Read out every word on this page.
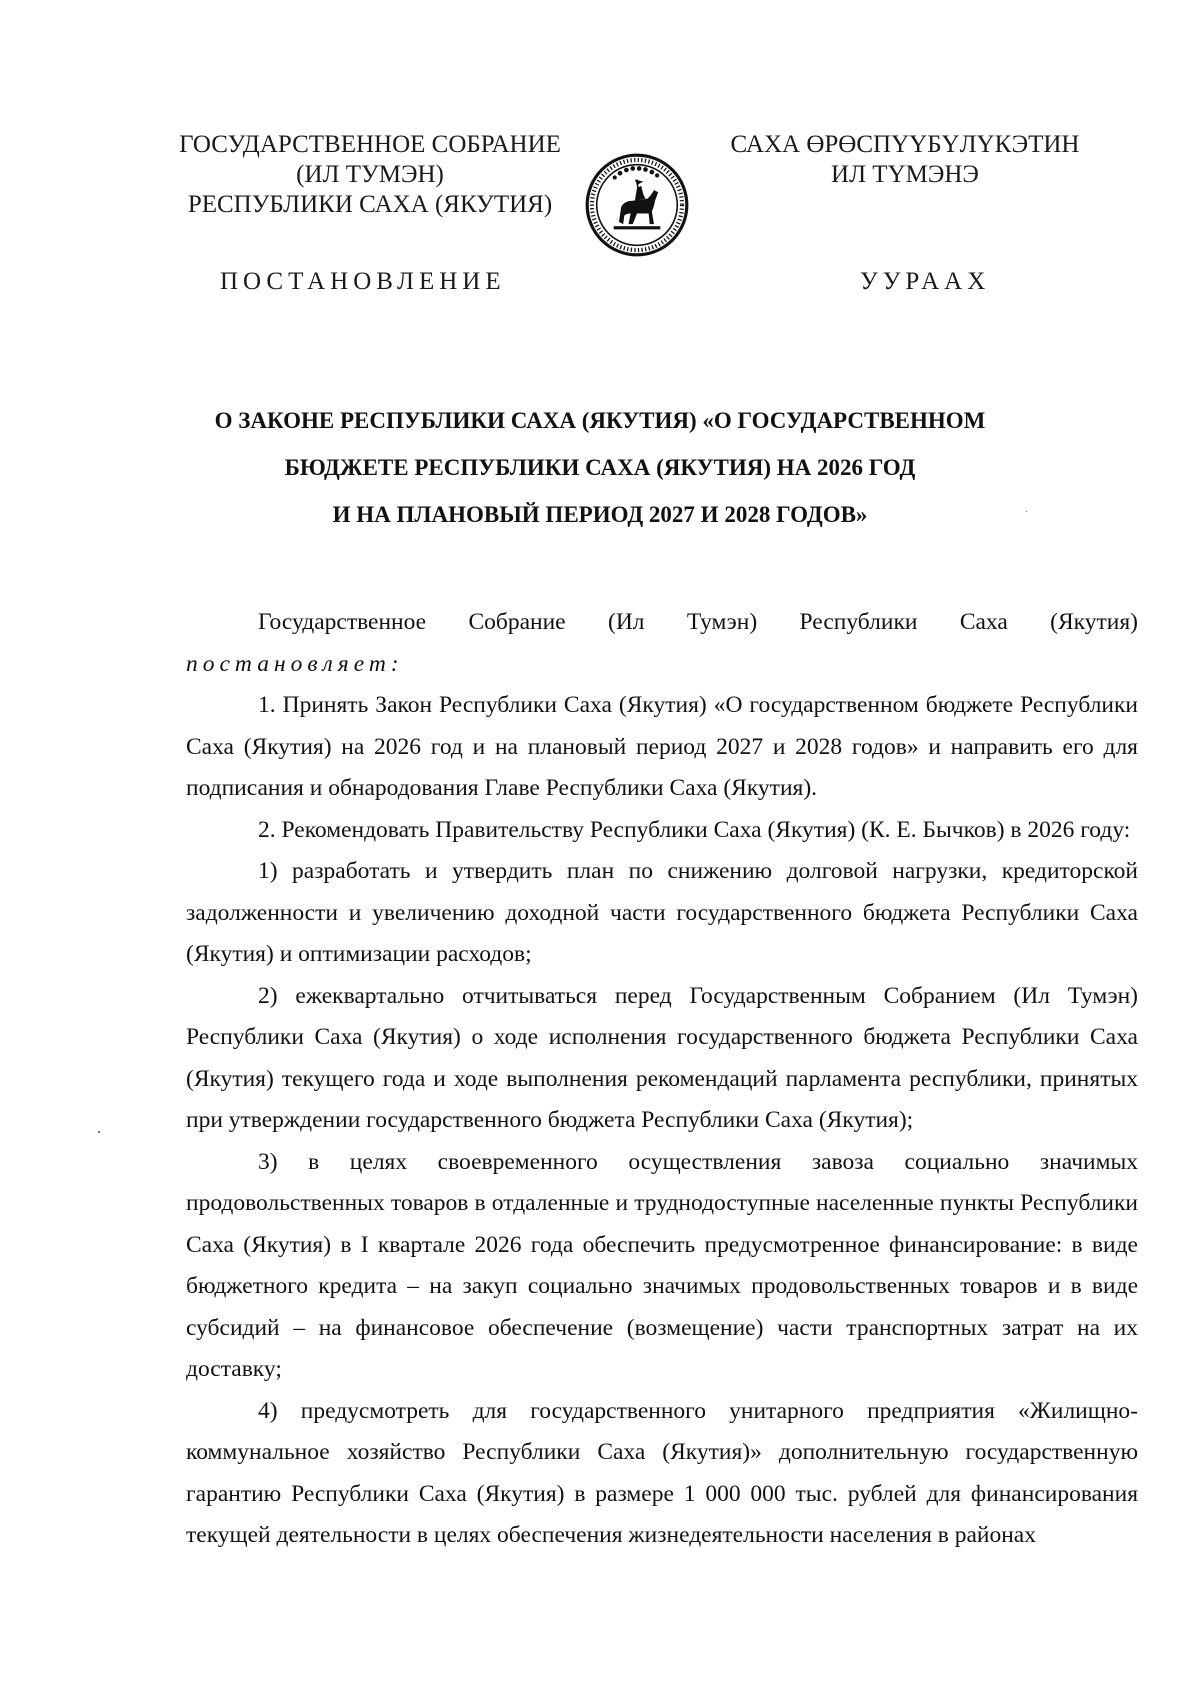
ГОСУДАРСТВЕННОЕ СОБРАНИЕ
(ИЛ ТУМЭН)
РЕСПУБЛИКИ САХА (ЯКУТИЯ)
САХА ӨРӨСПҮҮБҮЛҮКЭТИН
ИЛ ТҮМЭНЭ
ПОСТАНОВЛЕНИЕ	УУРААХ
О ЗАКОНЕ РЕСПУБЛИКИ САХА (ЯКУТИЯ) «О ГОСУДАРСТВЕННОМ
БЮДЖЕТЕ РЕСПУБЛИКИ САХА (ЯКУТИЯ) НА 2026 ГОД
И НА ПЛАНОВЫЙ ПЕРИОД 2027 И 2028 ГОДОВ»

Государственное Собрание (Ил Тумэн) Республики Саха (Якутия)

постановляет:

1. Принять Закон Республики Саха (Якутия) «О государственном бюджете Республики Саха (Якутия) на 2026 год и на плановый период 2027 и 2028 годов» и направить его для подписания и обнародования Главе Республики Саха (Якутия).

2. Рекомендовать Правительству Республики Саха (Якутия) (К. Е. Бычков) в 2026 году:

1) разработать и утвердить план по снижению долговой нагрузки, кредиторской задолженности и увеличению доходной части государственного бюджета Республики Саха (Якутия) и оптимизации расходов;

2) ежеквартально отчитываться перед Государственным Собранием (Ил Тумэн) Республики Саха (Якутия) о ходе исполнения государственного бюджета Республики Саха (Якутия) текущего года и ходе выполнения рекомендаций парламента республики, принятых при утверждении государственного бюджета Республики Саха (Якутия);

3) в целях своевременного осуществления завоза социально значимых продовольственных товаров в отдаленные и труднодоступные населенные пункты Республики Саха (Якутия) в I квартале 2026 года обеспечить предусмотренное финансирование: в виде бюджетного кредита – на закуп социально значимых продовольственных товаров и в виде субсидий – на финансовое обеспечение (возмещение) части транспортных затрат на их доставку;

4) предусмотреть для государственного унитарного предприятия «Жилищно-коммунальное хозяйство Республики Саха (Якутия)» дополнительную государственную гарантию Республики Саха (Якутия) в размере 1 000 000 тыс. рублей для финансирования текущей деятельности в целях обеспечения жизнедеятельности населения в районах
